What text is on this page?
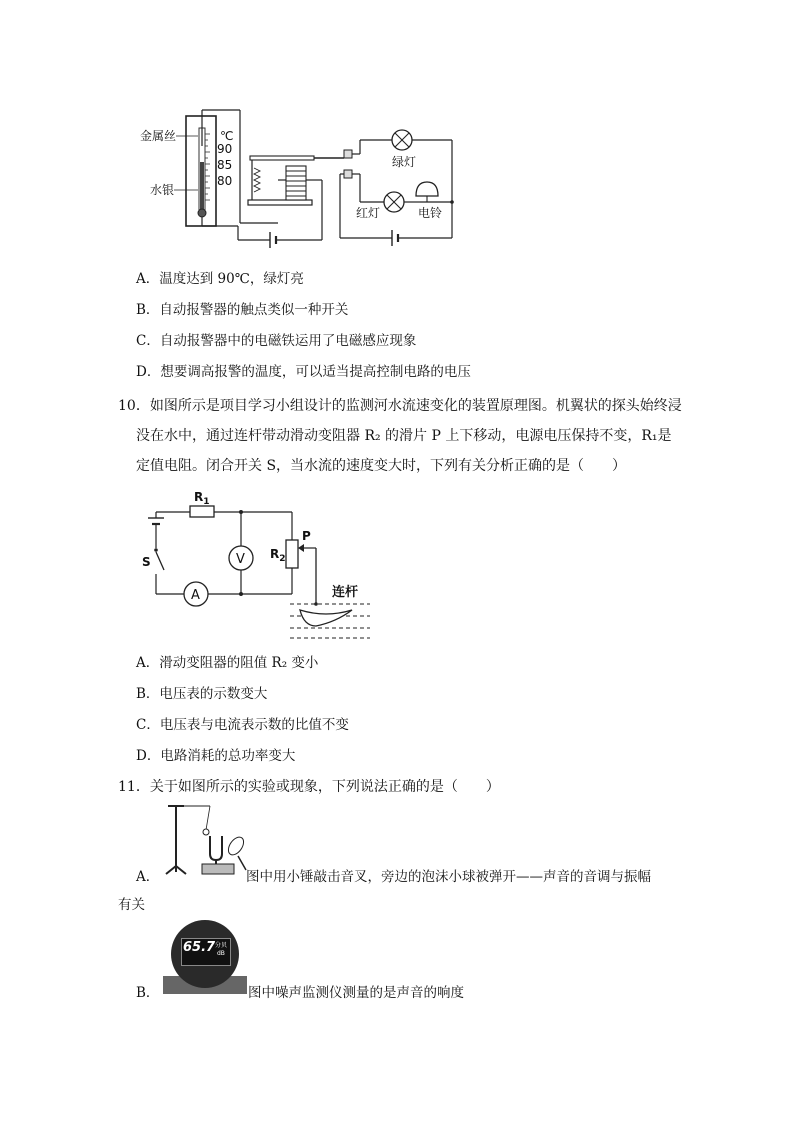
金属丝
水银
℃
90
85
80
绿灯
红灯	电铃
A．温度达到 90℃，绿灯亮
B．自动报警器的触点类似一种开关
C．自动报警器中的电磁铁运用了电磁感应现象
D．想要调高报警的温度，可以适当提高控制电路的电压
10．如图所示是项目学习小组设计的监测河水流速变化的装置原理图。机翼状的探头始终浸
没在水中，通过连杆带动滑动变阻器 R₂ 的滑片 P 上下移动，电源电压保持不变，R₁是
定值电阻。闭合开关 S，当水流的速度变大时，下列有关分析正确的是（　　）
S
$R_1$
V
A
$R_2$
P
连杆
A．滑动变阻器的阻值 R₂ 变小
B．电压表的示数变大
C．电压表与电流表示数的比值不变
D．电路消耗的总功率变大
11．关于如图所示的实验或现象，下列说法正确的是（　　）
A．	图中用小锤敲击音叉，旁边的泡沫小球被弹开——声音的音调与振幅
有关
65.7 分贝
dB
B．	图中噪声监测仪测量的是声音的响度
